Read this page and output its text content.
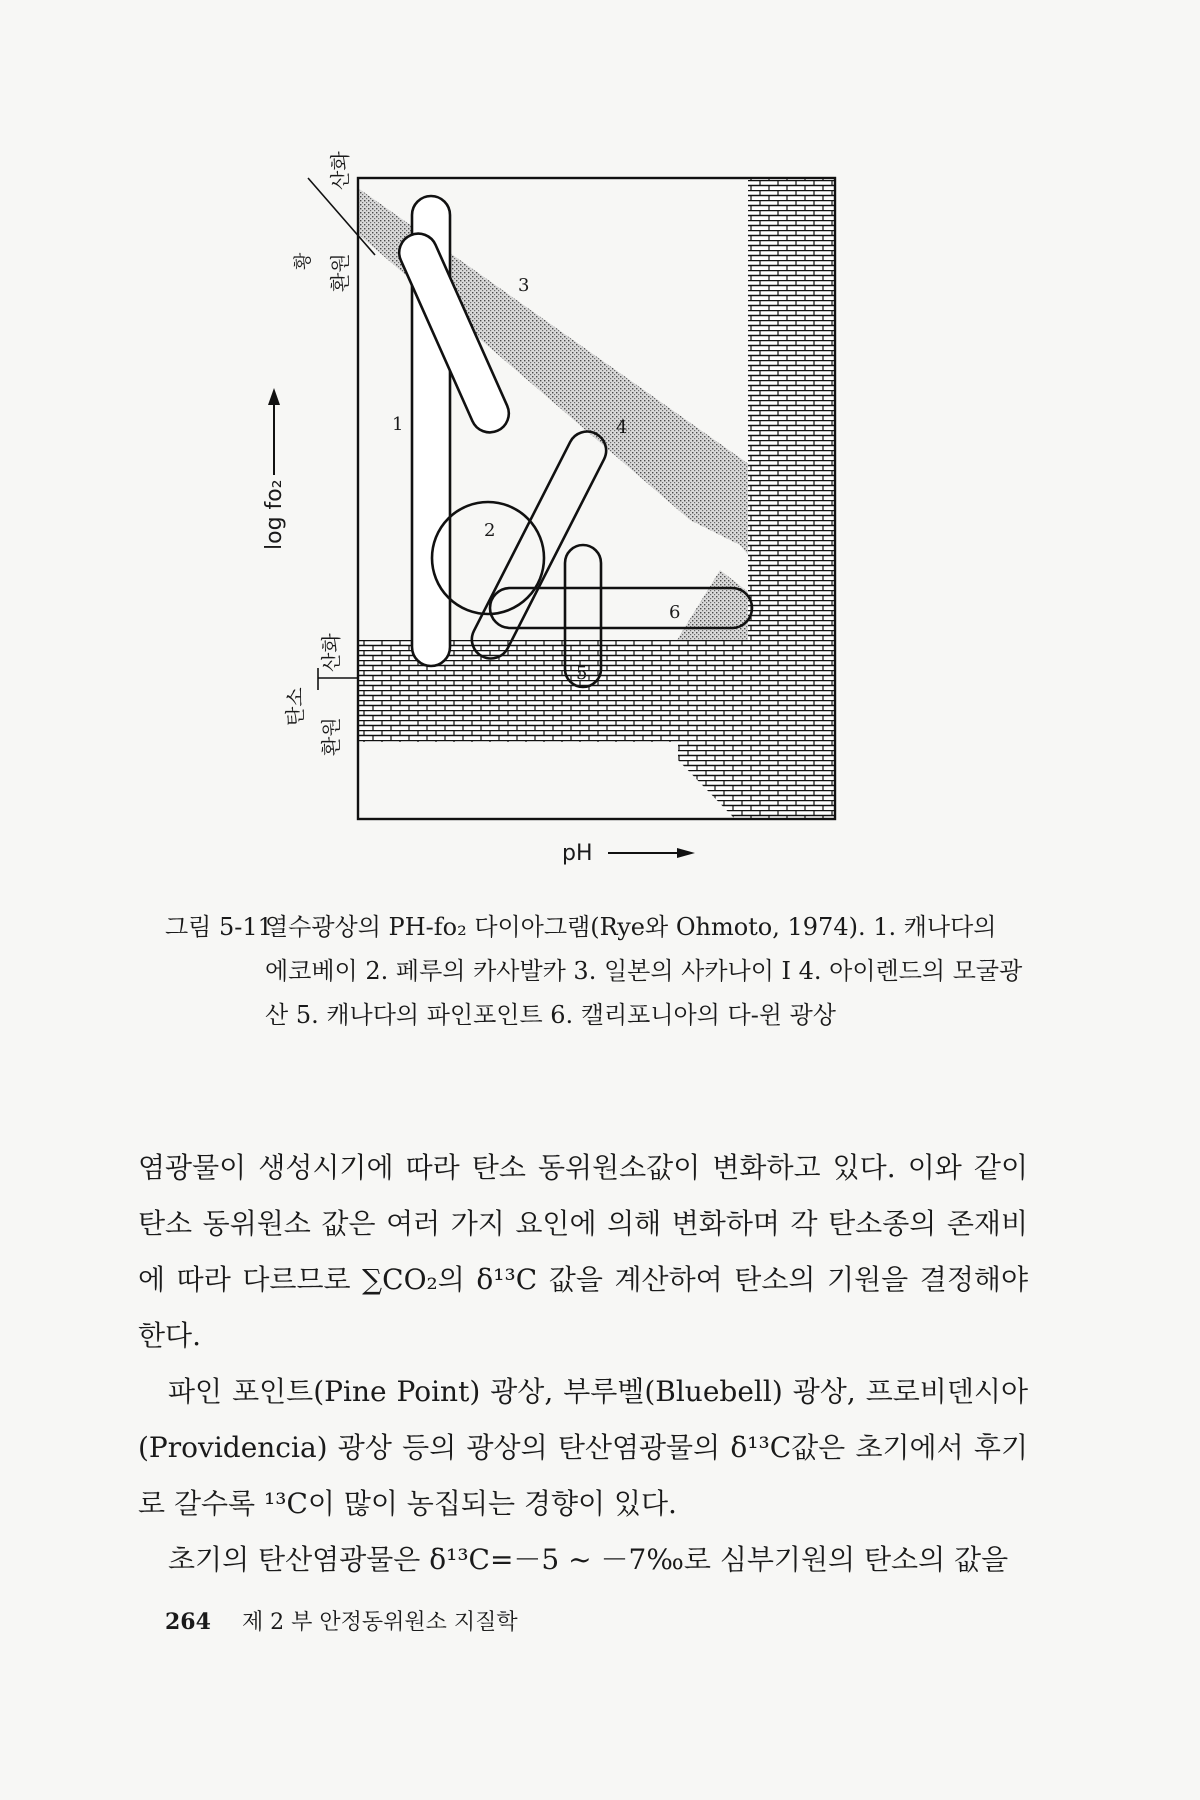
1
2
3
4
5
6
산화
황 환원
log fo₂
산화
탄소
환원
pH
그림 5-11
열수광상의 PH-fo₂ 다이아그램(Rye와 Ohmoto, 1974). 1. 캐나다의 에코베이 2. 페루의 카사발카 3. 일본의 사카나이 I 4. 아이렌드의 모굴광산 5. 캐나다의 파인포인트 6. 캘리포니아의 다-윈 광상

염광물이 생성시기에 따라 탄소 동위원소값이 변화하고 있다. 이와 같이 탄소 동위원소 값은 여러 가지 요인에 의해 변화하며 각 탄소종의 존재비에 따라 다르므로 ∑CO₂의 δ¹³C 값을 계산하여 탄소의 기원을 결정해야 한다.

파인 포인트(Pine Point) 광상, 부루벨(Bluebell) 광상, 프로비덴시아(Providencia) 광상 등의 광상의 탄산염광물의 δ¹³C값은 초기에서 후기로 갈수록 ¹³C이 많이 농집되는 경향이 있다.

초기의 탄산염광물은 δ¹³C=－5 ~ －7‰로 심부기원의 탄소의 값을

264 제 2 부 안정동위원소 지질학
